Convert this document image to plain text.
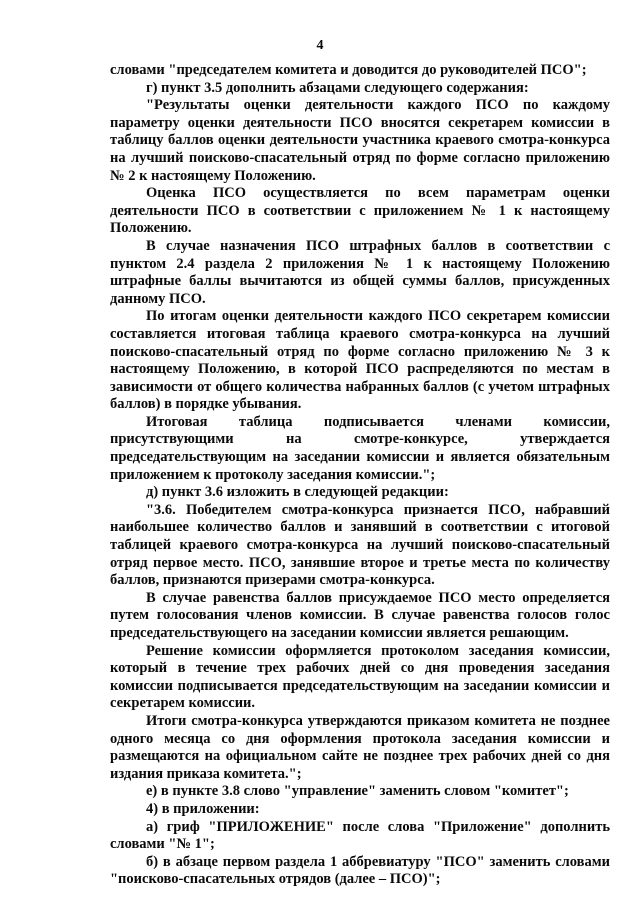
4

словами "председателем комитета и доводится до руководителей ПСО";

г) пункт 3.5 дополнить абзацами следующего содержания:

"Результаты оценки деятельности каждого ПСО по каждому параметру оценки деятельности ПСО вносятся секретарем комиссии в таблицу баллов оценки деятельности участника краевого смотра-конкурса на лучший поисково-спасательный отряд по форме согласно приложению № 2 к настоящему Положению.

Оценка ПСО осуществляется по всем параметрам оценки деятельности ПСО в соответствии с приложением № 1 к настоящему Положению.

В случае назначения ПСО штрафных баллов в соответствии с пунктом 2.4 раздела 2 приложения № 1 к настоящему Положению штрафные баллы вычитаются из общей суммы баллов, присужденных данному ПСО.

По итогам оценки деятельности каждого ПСО секретарем комиссии составляется итоговая таблица краевого смотра-конкурса на лучший поисково-спасательный отряд по форме согласно приложению № 3 к настоящему Положению, в которой ПСО распределяются по местам в зависимости от общего количества набранных баллов (с учетом штрафных баллов) в порядке убывания.

Итоговая таблица подписывается членами комиссии, присутствующими на смотре-конкурсе, утверждается председательствующим на заседании комиссии и является обязательным приложением к протоколу заседания комиссии.";

д) пункт 3.6 изложить в следующей редакции:

"3.6. Победителем смотра-конкурса признается ПСО, набравший наибольшее количество баллов и занявший в соответствии с итоговой таблицей краевого смотра-конкурса на лучший поисково-спасательный отряд первое место. ПСО, занявшие второе и третье места по количеству баллов, признаются призерами смотра-конкурса.

В случае равенства баллов присуждаемое ПСО место определяется путем голосования членов комиссии. В случае равенства голосов голос председательствующего на заседании комиссии является решающим.

Решение комиссии оформляется протоколом заседания комиссии, который в течение трех рабочих дней со дня проведения заседания комиссии подписывается председательствующим на заседании комиссии и секретарем комиссии.

Итоги смотра-конкурса утверждаются приказом комитета не позднее одного месяца со дня оформления протокола заседания комиссии и размещаются на официальном сайте не позднее трех рабочих дней со дня издания приказа комитета.";

е) в пункте 3.8 слово "управление" заменить словом "комитет";

4) в приложении:

а) гриф "ПРИЛОЖЕНИЕ" после слова "Приложение" дополнить словами "№ 1";

б) в абзаце первом раздела 1 аббревиатуру "ПСО" заменить словами "поисково-спасательных отрядов (далее – ПСО)";
